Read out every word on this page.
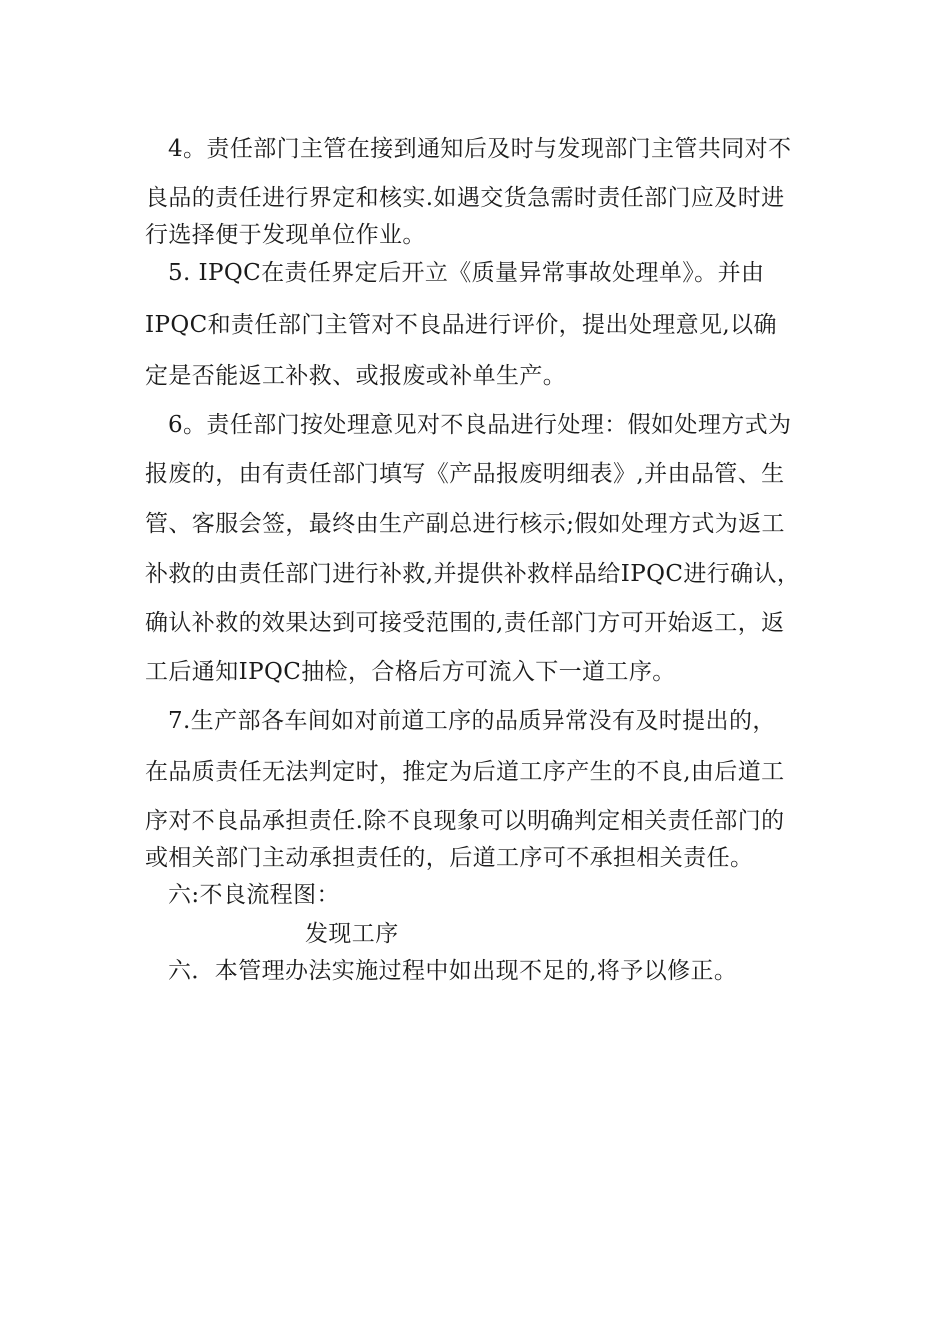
4。责任部门主管在接到通知后及时与发现部门主管共同对不
良品的责任进行界定和核实.如遇交货急需时责任部门应及时进
行选择便于发现单位作业。
5. IPQC在责任界定后开立《质量异常事故处理单》。并由
IPQC和责任部门主管对不良品进行评价，提出处理意见,以确
定是否能返工补救、或报废或补单生产。
6。责任部门按处理意见对不良品进行处理：假如处理方式为
报废的，由有责任部门填写《产品报废明细表》,并由品管、生
管、客服会签，最终由生产副总进行核示;假如处理方式为返工
补救的由责任部门进行补救,并提供补救样品给IPQC进行确认，
确认补救的效果达到可接受范围的,责任部门方可开始返工，返
工后通知IPQC抽检，合格后方可流入下一道工序。
7.生产部各车间如对前道工序的品质异常没有及时提出的，
在品质责任无法判定时，推定为后道工序产生的不良,由后道工
序对不良品承担责任.除不良现象可以明确判定相关责任部门的
或相关部门主动承担责任的，后道工序可不承担相关责任。
六:不良流程图：
发现工序
六．本管理办法实施过程中如出现不足的,将予以修正。
